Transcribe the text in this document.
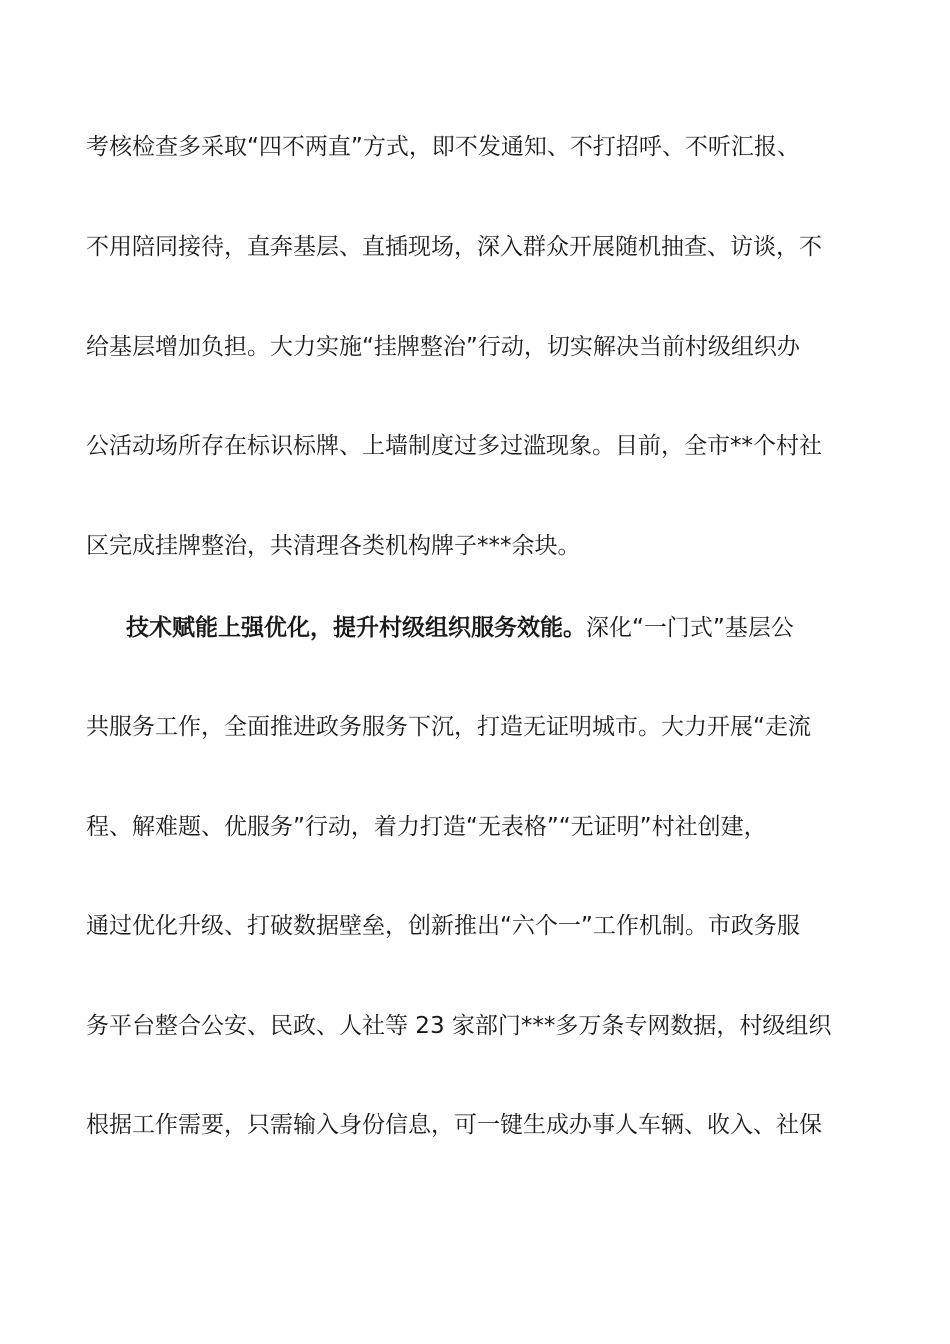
考核检查多采取“四不两直”方式，即不发通知、不打招呼、不听汇报、
不用陪同接待，直奔基层、直插现场，深入群众开展随机抽查、访谈，不
给基层增加负担。大力实施“挂牌整治”行动，切实解决当前村级组织办
公活动场所存在标识标牌、上墙制度过多过滥现象。目前，全市**个村社
区完成挂牌整治，共清理各类机构牌子***余块。
技术赋能上强优化，提升村级组织服务效能。深化“一门式”基层公
共服务工作，全面推进政务服务下沉，打造无证明城市。大力开展“走流
程、解难题、优服务”行动，着力打造“无表格”“无证明”村社创建，
通过优化升级、打破数据壁垒，创新推出“六个一”工作机制。市政务服
务平台整合公安、民政、人社等 23 家部门***多万条专网数据，村级组织
根据工作需要，只需输入身份信息，可一键生成办事人车辆、收入、社保
